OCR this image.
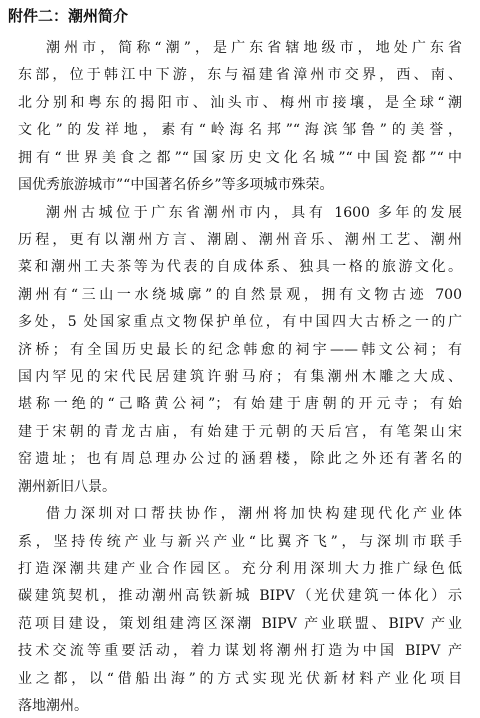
附件二：潮州简介
潮州市，简称“潮”，是广东省辖地级市，地处广东省
东部，位于韩江中下游，东与福建省漳州市交界，西、南、
北分别和粤东的揭阳市、汕头市、梅州市接壤，是全球“潮
文化”的发祥地，素有“岭海名邦”“海滨邹鲁”的美誉，
拥有“世界美食之都”“国家历史文化名城”“中国瓷都”“中
国优秀旅游城市”“中国著名侨乡”等多项城市殊荣。
潮州古城位于广东省潮州市内，具有 1600 多年的发展
历程，更有以潮州方言、潮剧、潮州音乐、潮州工艺、潮州
菜和潮州工夫茶等为代表的自成体系、独具一格的旅游文化。
潮州有“三山一水绕城廓”的自然景观，拥有文物古迹 700
多处，5 处国家重点文物保护单位，有中国四大古桥之一的广
济桥；有全国历史最长的纪念韩愈的祠宇——韩文公祠；有
国内罕见的宋代民居建筑许驸马府；有集潮州木雕之大成、
堪称一绝的“己略黄公祠”；有始建于唐朝的开元寺；有始
建于宋朝的青龙古庙，有始建于元朝的天后宫，有笔架山宋
窑遗址；也有周总理办公过的涵碧楼，除此之外还有著名的
潮州新旧八景。
借力深圳对口帮扶协作，潮州将加快构建现代化产业体
系，坚持传统产业与新兴产业“比翼齐飞”，与深圳市联手
打造深潮共建产业合作园区。充分利用深圳大力推广绿色低
碳建筑契机，推动潮州高铁新城 BIPV（光伏建筑一体化）示
范项目建设，策划组建湾区深潮 BIPV 产业联盟、BIPV 产业
技术交流等重要活动，着力谋划将潮州打造为中国 BIPV 产
业之都，以“借船出海”的方式实现光伏新材料产业化项目
落地潮州。
